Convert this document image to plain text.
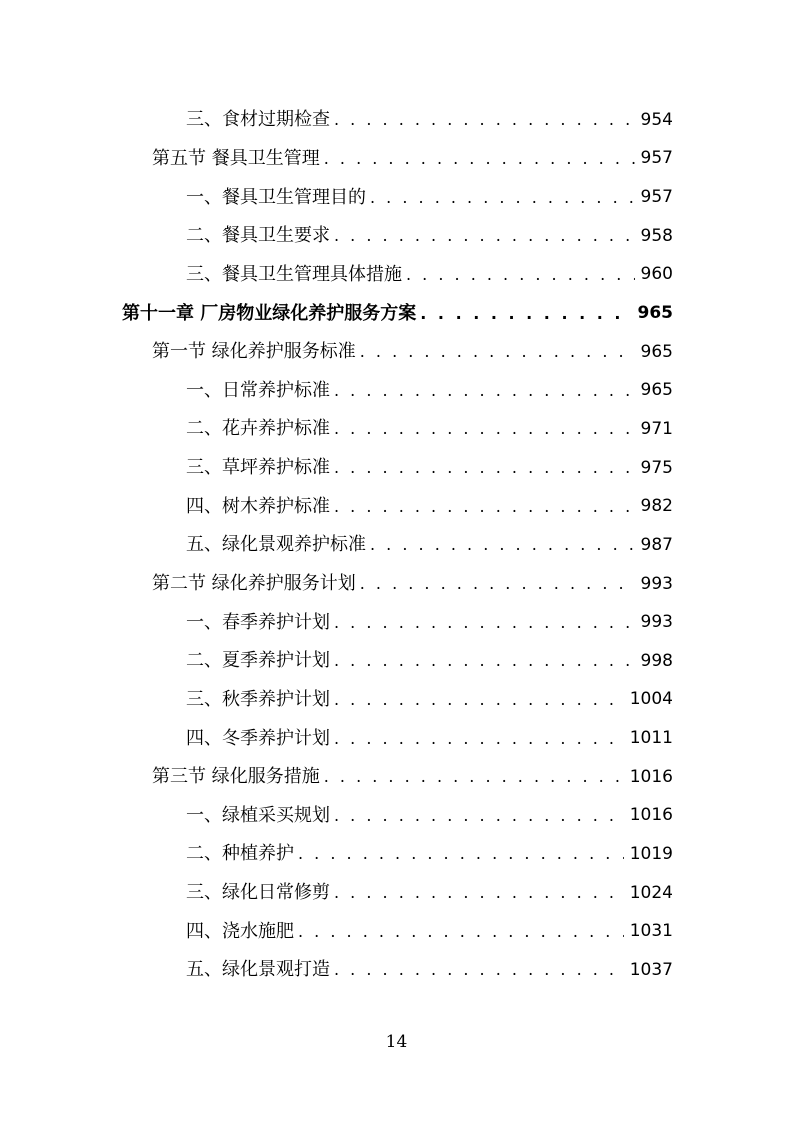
三、食材过期检查 . . .	954
第五节 餐具卫生管理 . . .	957
一、餐具卫生管理目的 . . .	957
二、餐具卫生要求 . . .	958
三、餐具卫生管理具体措施 . . .	960
第十一章 厂房物业绿化养护服务方案 . . .	965
第一节 绿化养护服务标准 . . .	965
一、日常养护标准 . . .	965
二、花卉养护标准 . . .	971
三、草坪养护标准 . . .	975
四、树木养护标准 . . .	982
五、绿化景观养护标准 . . .	987
第二节 绿化养护服务计划 . . .	993
一、春季养护计划 . . .	993
二、夏季养护计划 . . .	998
三、秋季养护计划 . . .	1004
四、冬季养护计划 . . .	1011
第三节 绿化服务措施 . . .	1016
一、绿植采买规划 . . .	1016
二、种植养护 . . .	1019
三、绿化日常修剪 . . .	1024
四、浇水施肥 . . .	1031
五、绿化景观打造 . . .	1037
14
